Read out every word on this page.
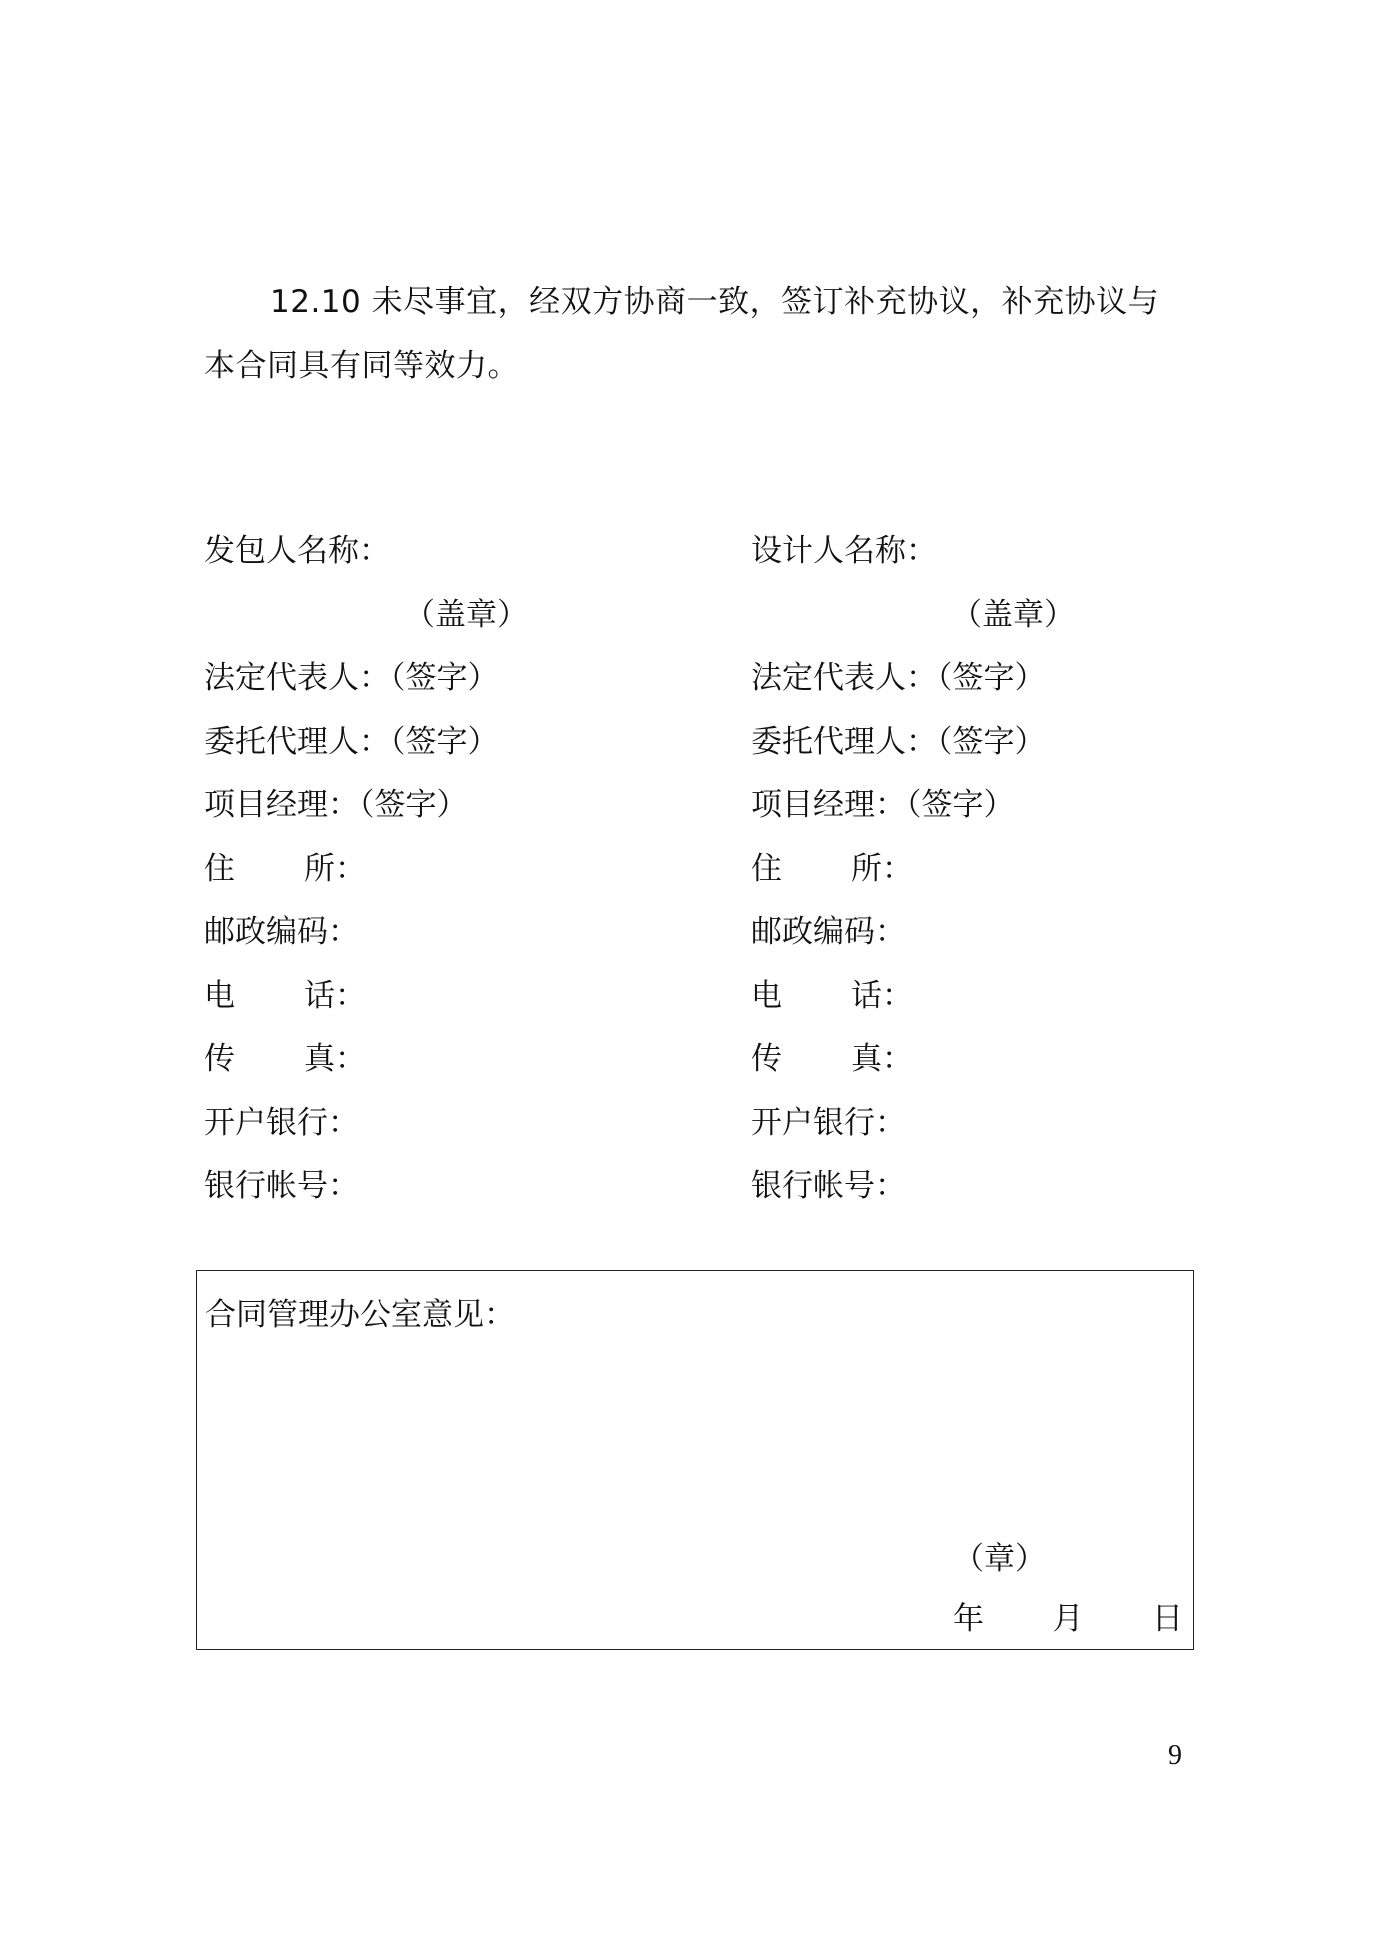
12.10 未尽事宜，经双方协商一致，签订补充协议，补充协议与
本合同具有同等效力。
发包人名称：
（盖章）
法定代表人：（签字）
委托代理人：（签字）
项目经理：（签字）
住 所：
邮政编码：
电 话：
传 真：
开户银行：
银行帐号：
设计人名称：
（盖章）
法定代表人：（签字）
委托代理人：（签字）
项目经理：（签字）
住 所：
邮政编码：
电 话：
传 真：
开户银行：
银行帐号：
合同管理办公室意见：
（章）
年 月 日
9
